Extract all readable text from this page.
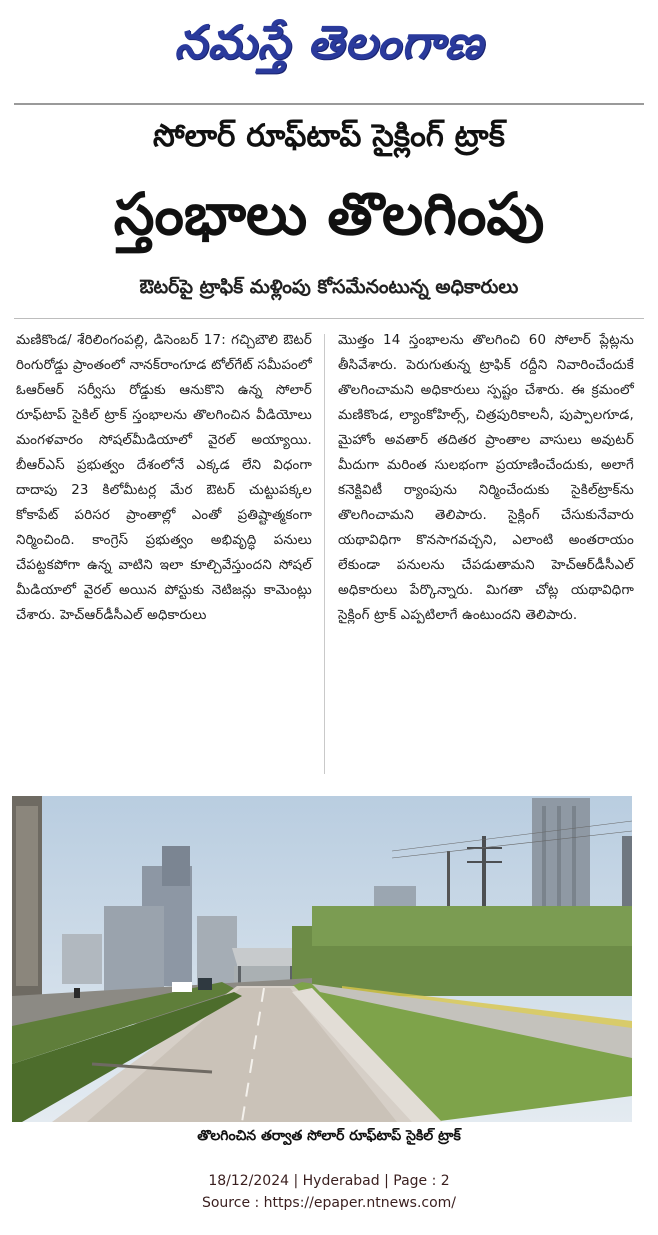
నమస్తే తెలంగాణ
సోలార్ రూఫ్‌టాప్ సైక్లింగ్ ట్రాక్
స్తంభాలు తొలగింపు
ఔటర్‌పై ట్రాఫిక్ మళ్లింపు కోసమేనంటున్న అధికారులు
మణికొండ/ శేరిలింగంపల్లి, డిసెంబర్ 17: గచ్చిబౌలి ఔటర్ రింగురోడ్డు ప్రాంతంలో నానక్‌రాంగూడ టోల్‌గేట్ సమీపంలో ఓఆర్‌ఆర్ సర్వీసు రోడ్డుకు ఆనుకొని ఉన్న సోలార్ రూఫ్‌టాప్ సైకిల్ ట్రాక్ స్తంభాలను తొలగించిన వీడియోలు మంగళవారం సోషల్‌మీడియాలో వైరల్ అయ్యాయి. బీఆర్‌ఎస్ ప్రభుత్వం దేశంలోనే ఎక్కడ లేని విధంగా దాదాపు 23 కిలోమీటర్ల మేర ఔటర్ చుట్టుపక్కల కోకాపేట్ పరిసర ప్రాంతాల్లో ఎంతో ప్రతిష్టాత్మకంగా నిర్మించింది. కాంగ్రెస్ ప్రభుత్వం అభివృద్ధి పనులు చేపట్టకపోగా ఉన్న వాటిని ఇలా కూల్చివేస్తుందని సోషల్ మీడియాలో వైరల్ అయిన పోస్టుకు నెటిజన్లు కామెంట్లు చేశారు. హెచ్‌ఆర్‌డీసీఎల్ అధికారులు
మొత్తం 14 స్తంభాలను తొలగించి 60 సోలార్ ప్లేట్లను తీసివేశారు. పెరుగుతున్న ట్రాఫిక్ రద్దీని నివారించేందుకే తొలగించామని అధికారులు స్పష్టం చేశారు. ఈ క్రమంలో మణికొండ, ల్యాంకోహిల్స్, చిత్రపురికాలనీ, పుప్పాలగూడ, మైహోం అవతార్ తదితర ప్రాంతాల వాసులు అవుటర్ మీదుగా మరింత సులభంగా ప్రయాణించేందుకు, అలాగే కనెక్టివిటీ ర్యాంపును నిర్మించేందుకు సైకిల్‌ట్రాక్‌ను తొలగించామని తెలిపారు. సైక్లింగ్ చేసుకునేవారు యథావిధిగా కొనసాగవచ్చని, ఎలాంటి అంతరాయం లేకుండా పనులను చేపడుతామని హెచ్‌ఆర్‌డీసీఎల్ అధికారులు పేర్కొన్నారు. మిగతా చోట్ల యథావిధిగా సైక్లింగ్ ట్రాక్ ఎప్పటిలాగే ఉంటుందని తెలిపారు.
తొలగించిన తర్వాత సోలార్ రూఫ్‌టాప్ సైకిల్ ట్రాక్
18/12/2024 | Hyderabad | Page : 2
Source : https://epaper.ntnews.com/
